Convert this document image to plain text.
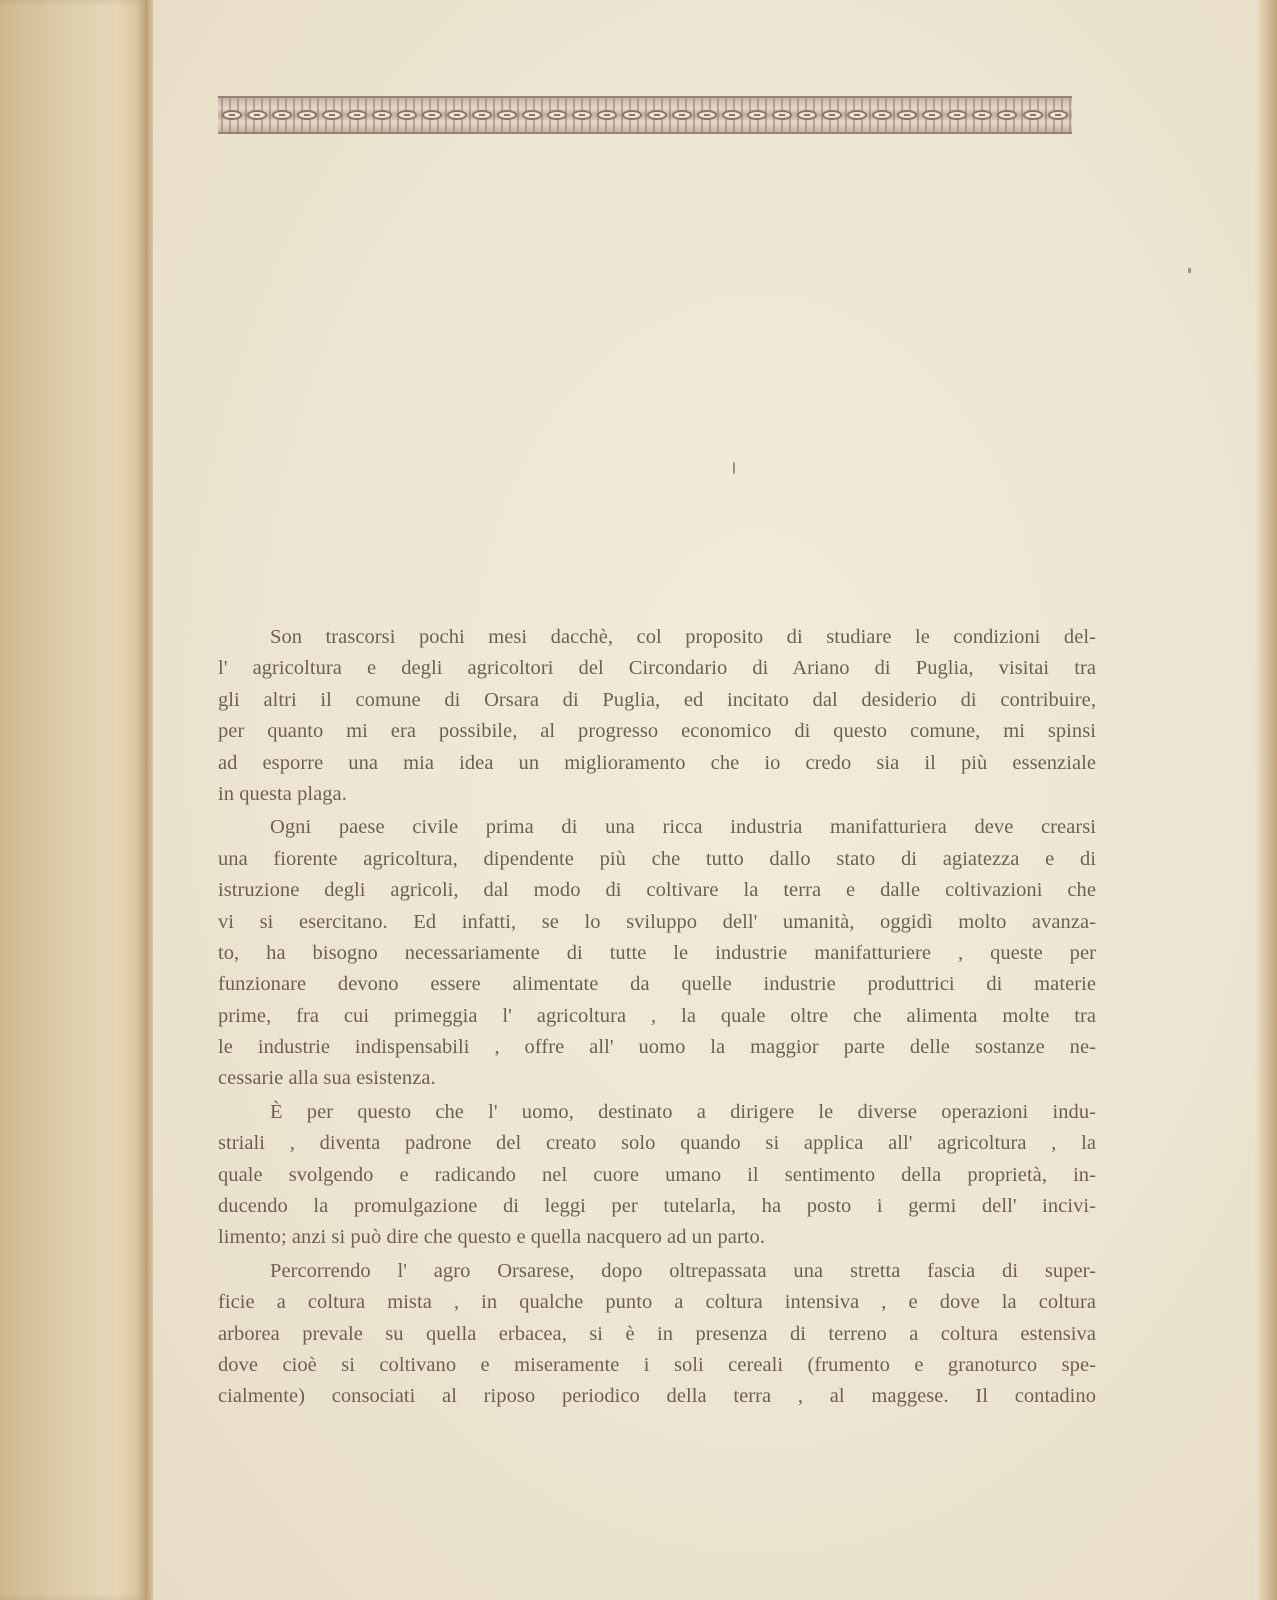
Son trascorsi pochi mesi dacchè, col proposito di studiare le condizioni del-
l' agricoltura e degli agricoltori del Circondario di Ariano di Puglia, visitai tra
gli altri il comune di Orsara di Puglia, ed incitato dal desiderio di contribuire,
per quanto mi era possibile, al progresso economico di questo comune, mi spinsi
ad esporre una mia idea un miglioramento che io credo sia il più essenziale
in questa plaga.
Ogni paese civile prima di una ricca industria manifatturiera deve crearsi
una fiorente agricoltura, dipendente più che tutto dallo stato di agiatezza e di
istruzione degli agricoli, dal modo di coltivare la terra e dalle coltivazioni che
vi si esercitano. Ed infatti, se lo sviluppo dell' umanità, oggidì molto avanza-
to, ha bisogno necessariamente di tutte le industrie manifatturiere , queste per
funzionare devono essere alimentate da quelle industrie produttrici di materie
prime, fra cui primeggia l' agricoltura , la quale oltre che alimenta molte tra
le industrie indispensabili , offre all' uomo la maggior parte delle sostanze ne-
cessarie alla sua esistenza.
È per questo che l' uomo, destinato a dirigere le diverse operazioni indu-
striali , diventa padrone del creato solo quando si applica all' agricoltura , la
quale svolgendo e radicando nel cuore umano il sentimento della proprietà, in-
ducendo la promulgazione di leggi per tutelarla, ha posto i germi dell' incivi-
limento; anzi si può dire che questo e quella nacquero ad un parto.
Percorrendo l' agro Orsarese, dopo oltrepassata una stretta fascia di super-
ficie a coltura mista , in qualche punto a coltura intensiva , e dove la coltura
arborea prevale su quella erbacea, si è in presenza di terreno a coltura estensiva
dove cioè si coltivano e miseramente i soli cereali (frumento e granoturco spe-
cialmente) consociati al riposo periodico della terra , al maggese. Il contadino
